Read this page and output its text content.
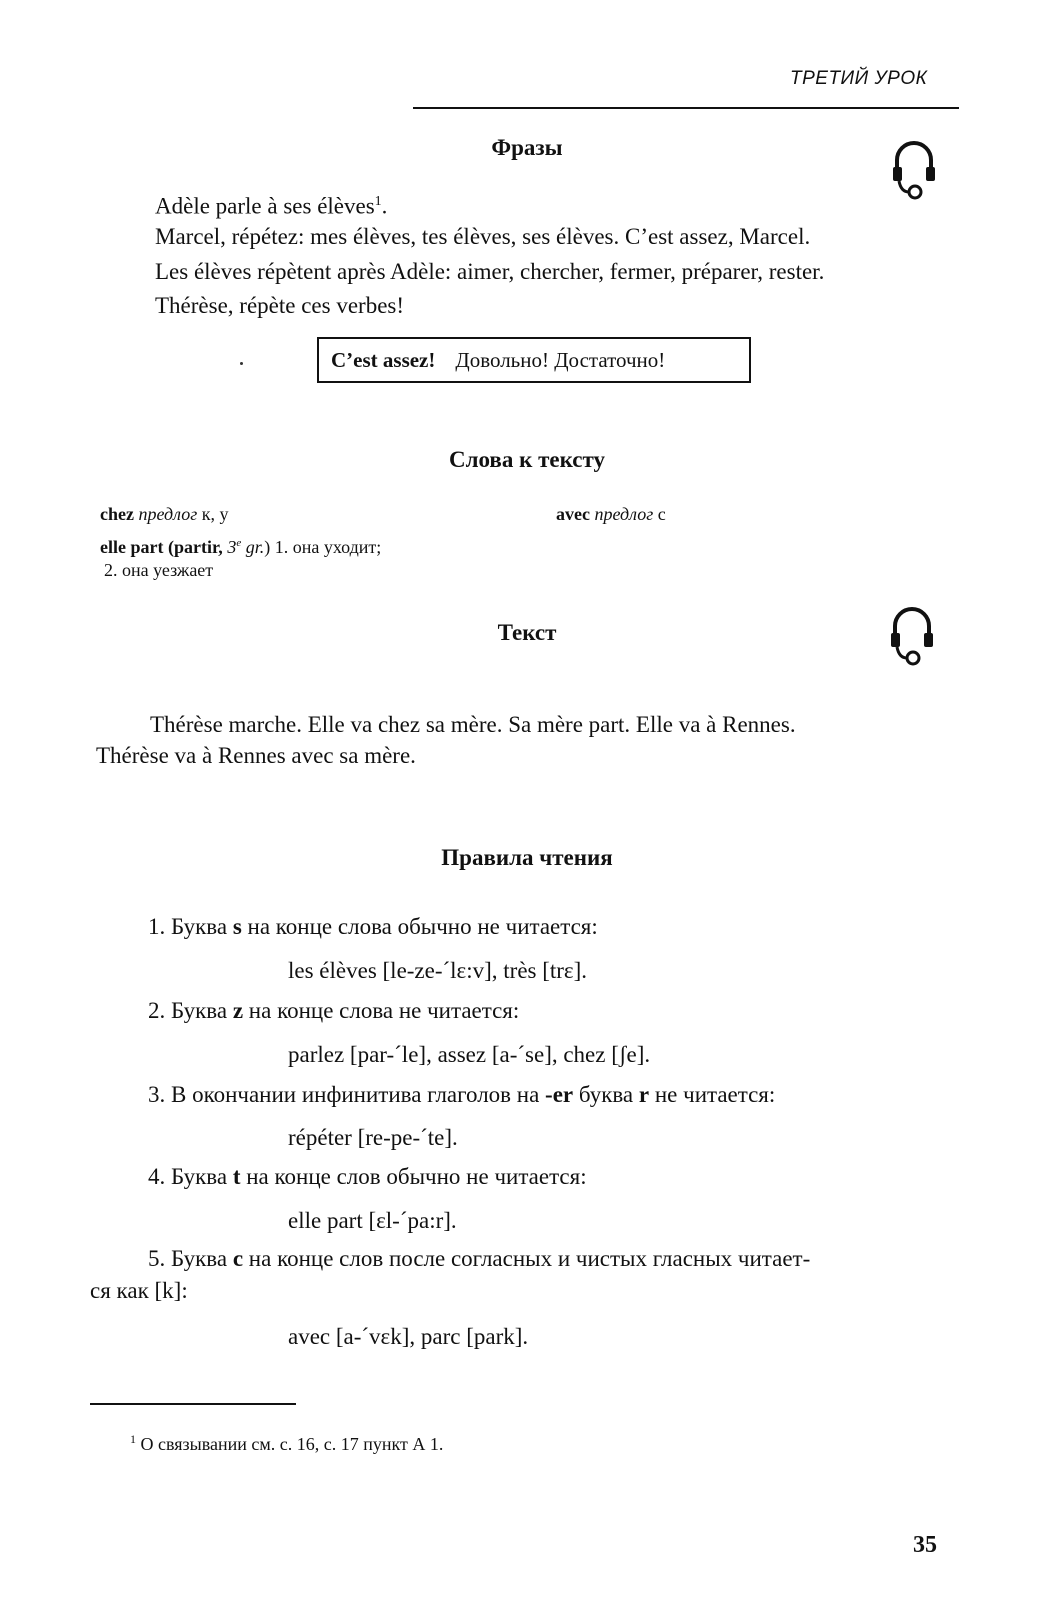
ТРЕТИЙ УРОК
Фразы
Adèle parle à ses élèves$^1$.
Marcel, répétez: mes élèves, tes élèves, ses élèves. C’est assez, Marcel.
Les élèves répètent après Adèle: aimer, chercher, fermer, préparer, rester.
Thérèse, répète ces verbes!
C’est assez! Довольно! Достаточно!
Слова к тексту
chez предлог к, у
elle part (partir, 3e gr.) 1. она уходит;
2. она уезжает
avec предлог с
Текст
Thérèse marche. Elle va chez sa mère. Sa mère part. Elle va à Rennes.
Thérèse va à Rennes avec sa mère.
Правила чтения
1. Буква s на конце слова обычно не читается:
les élèves [le-ze-ˊlɛ:v], très [trɛ].
2. Буква z на конце слова не читается:
parlez [par-ˊle], assez [a-ˊse], chez [ʃe].
3. В окончании инфинитива глаголов на -er буква r не читается:
répéter [re-pe-ˊte].
4. Буква t на конце слов обычно не читается:
elle part [ɛl-ˊpa:r].
5. Буква c на конце слов после согласных и чистых гласных читает-
ся как [k]:
avec [a-ˊvɛk], parc [park].
$^1$ О связывании см. с. 16, с. 17 пункт А 1.
35
